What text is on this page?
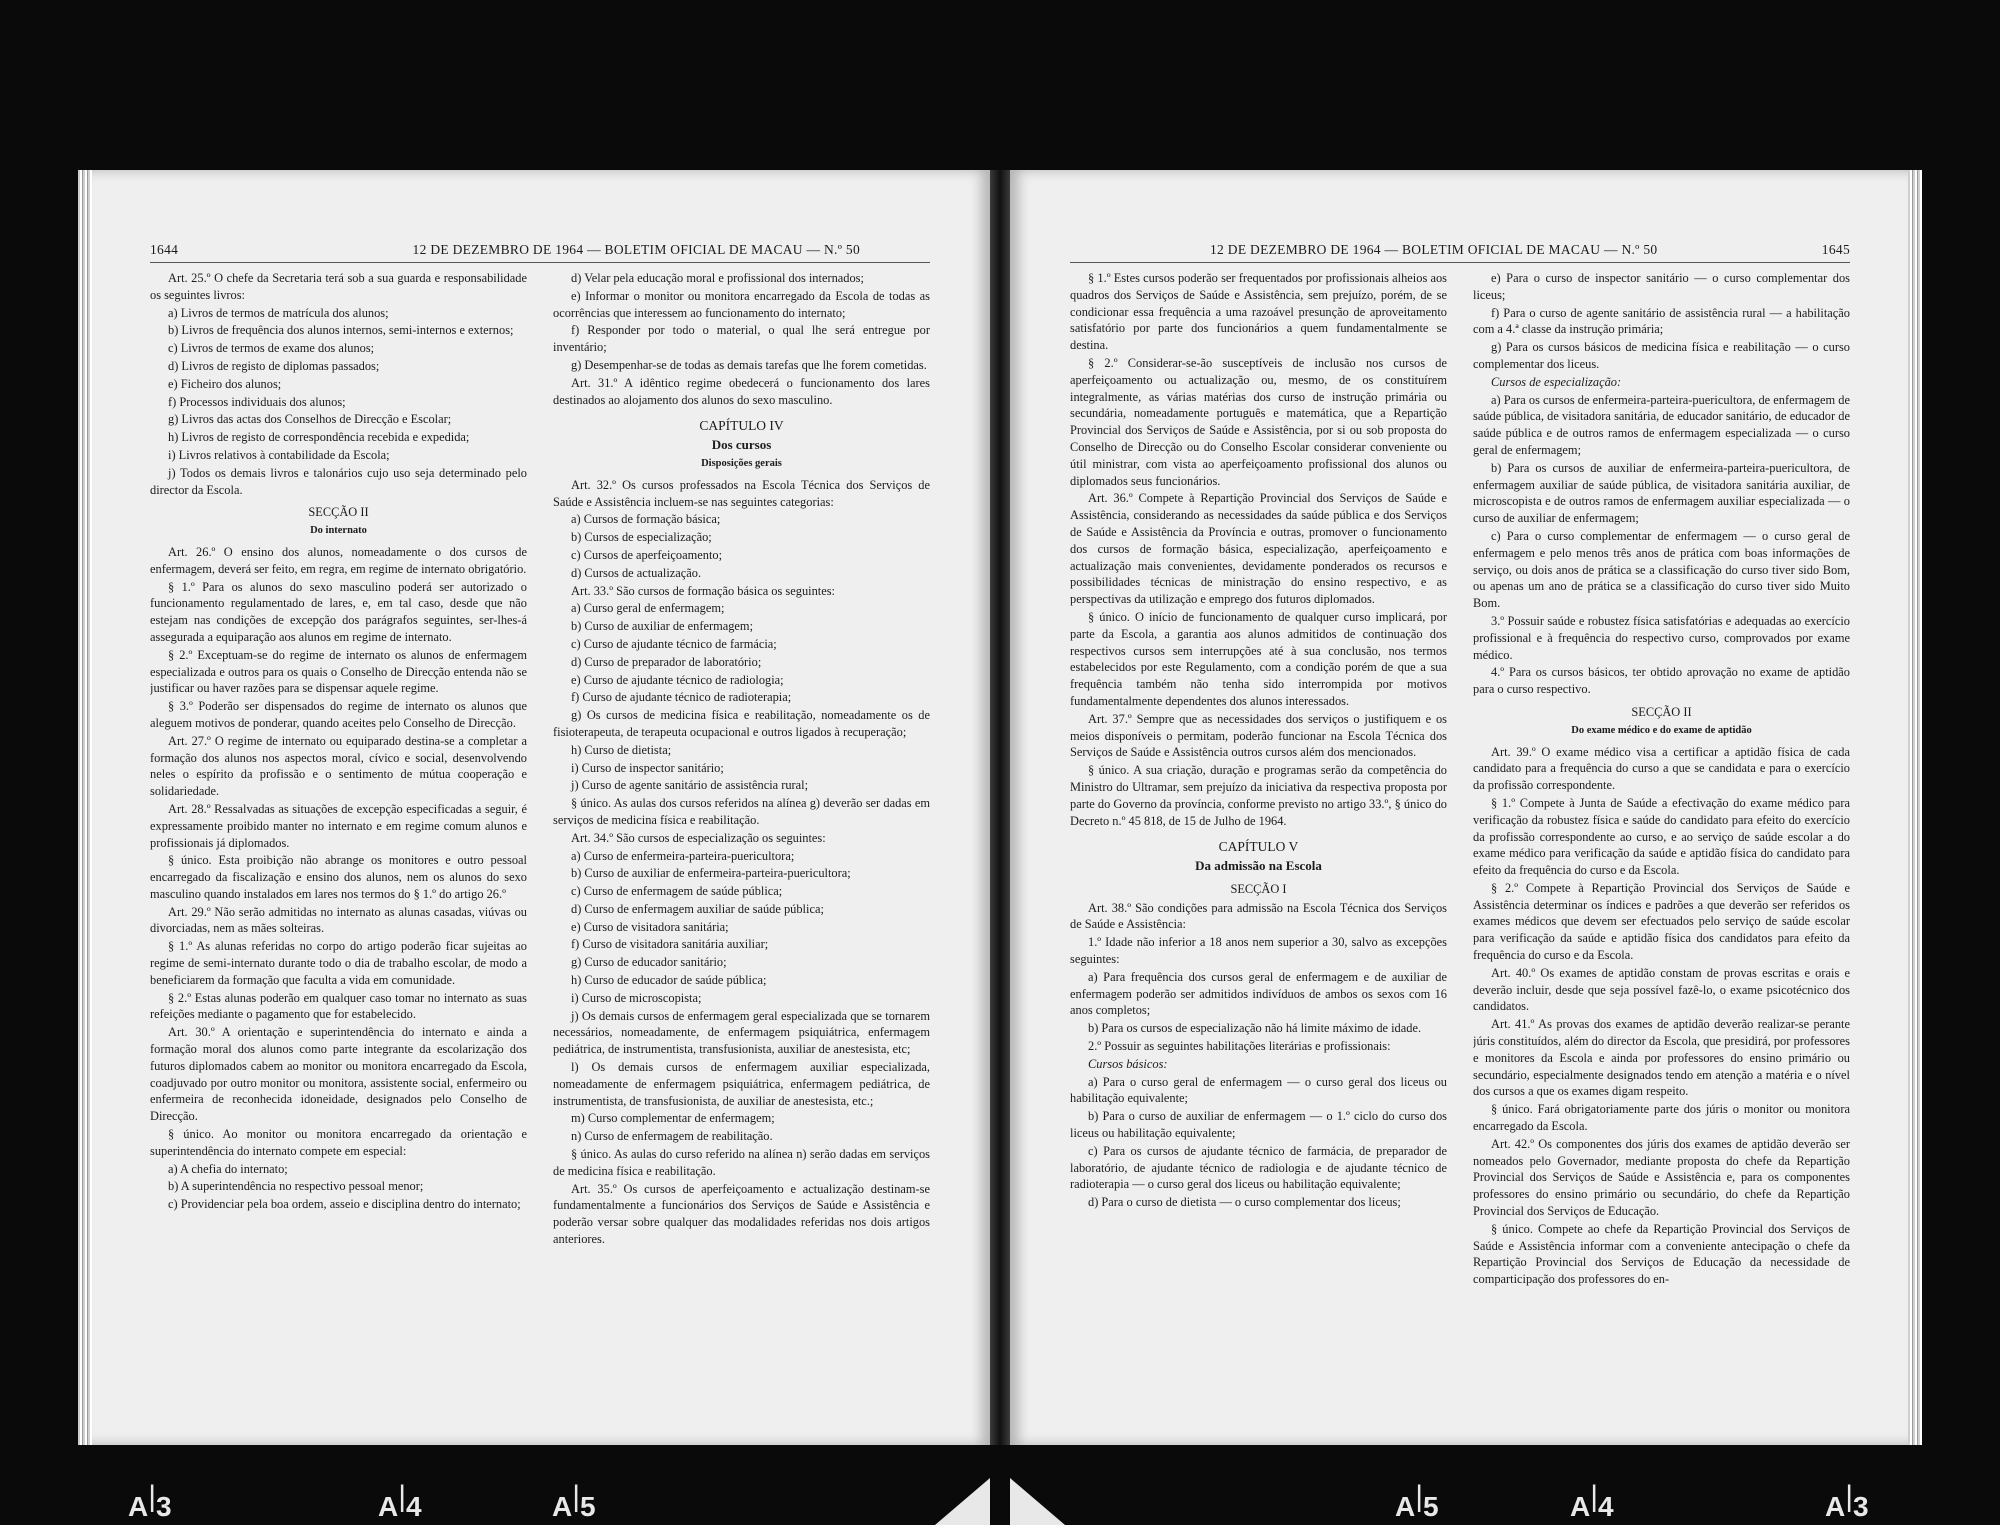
1644	12 DE DEZEMBRO DE 1964 — BOLETIM OFICIAL DE MACAU — N.º 50

Art. 25.º O chefe da Secretaria terá sob a sua guarda e responsabilidade os seguintes livros:

a) Livros de termos de matrícula dos alunos;

b) Livros de frequência dos alunos internos, semi-internos e externos;

c) Livros de termos de exame dos alunos;

d) Livros de registo de diplomas passados;

e) Ficheiro dos alunos;

f) Processos individuais dos alunos;

g) Livros das actas dos Conselhos de Direcção e Escolar;

h) Livros de registo de correspondência recebida e expedida;

i) Livros relativos à contabilidade da Escola;

j) Todos os demais livros e talonários cujo uso seja determinado pelo director da Escola.

SECÇÃO II

Do internato

Art. 26.º O ensino dos alunos, nomeadamente o dos cursos de enfermagem, deverá ser feito, em regra, em regime de internato obrigatório.

§ 1.º Para os alunos do sexo masculino poderá ser autorizado o funcionamento regulamentado de lares, e, em tal caso, desde que não estejam nas condições de excepção dos parágrafos seguintes, ser-lhes-á assegurada a equiparação aos alunos em regime de internato.

§ 2.º Exceptuam-se do regime de internato os alunos de enfermagem especializada e outros para os quais o Conselho de Direcção entenda não se justificar ou haver razões para se dispensar aquele regime.

§ 3.º Poderão ser dispensados do regime de internato os alunos que aleguem motivos de ponderar, quando aceites pelo Conselho de Direcção.

Art. 27.º O regime de internato ou equiparado destina-se a completar a formação dos alunos nos aspectos moral, cívico e social, desenvolvendo neles o espírito da profissão e o sentimento de mútua cooperação e solidariedade.

Art. 28.º Ressalvadas as situações de excepção especificadas a seguir, é expressamente proibido manter no internato e em regime comum alunos e profissionais já diplomados.

§ único. Esta proibição não abrange os monitores e outro pessoal encarregado da fiscalização e ensino dos alunos, nem os alunos do sexo masculino quando instalados em lares nos termos do § 1.º do artigo 26.º

Art. 29.º Não serão admitidas no internato as alunas casadas, viúvas ou divorciadas, nem as mães solteiras.

§ 1.º As alunas referidas no corpo do artigo poderão ficar sujeitas ao regime de semi-internato durante todo o dia de trabalho escolar, de modo a beneficiarem da formação que faculta a vida em comunidade.

§ 2.º Estas alunas poderão em qualquer caso tomar no internato as suas refeições mediante o pagamento que for estabelecido.

Art. 30.º A orientação e superintendência do internato e ainda a formação moral dos alunos como parte integrante da escolarização dos futuros diplomados cabem ao monitor ou monitora encarregado da Escola, coadjuvado por outro monitor ou monitora, assistente social, enfermeiro ou enfermeira de reconhecida idoneidade, designados pelo Conselho de Direcção.

§ único. Ao monitor ou monitora encarregado da orientação e superintendência do internato compete em especial:

a) A chefia do internato;

b) A superintendência no respectivo pessoal menor;

c) Providenciar pela boa ordem, asseio e disciplina dentro do internato;

d) Velar pela educação moral e profissional dos internados;

e) Informar o monitor ou monitora encarregado da Escola de todas as ocorrências que interessem ao funcionamento do internato;

f) Responder por todo o material, o qual lhe será entregue por inventário;

g) Desempenhar-se de todas as demais tarefas que lhe forem cometidas.

Art. 31.º A idêntico regime obedecerá o funcionamento dos lares destinados ao alojamento dos alunos do sexo masculino.

CAPÍTULO IV

Dos cursos

Disposições gerais

Art. 32.º Os cursos professados na Escola Técnica dos Serviços de Saúde e Assistência incluem-se nas seguintes categorias:

a) Cursos de formação básica;

b) Cursos de especialização;

c) Cursos de aperfeiçoamento;

d) Cursos de actualização.

Art. 33.º São cursos de formação básica os seguintes:

a) Curso geral de enfermagem;

b) Curso de auxiliar de enfermagem;

c) Curso de ajudante técnico de farmácia;

d) Curso de preparador de laboratório;

e) Curso de ajudante técnico de radiologia;

f) Curso de ajudante técnico de radioterapia;

g) Os cursos de medicina física e reabilitação, nomeadamente os de fisioterapeuta, de terapeuta ocupacional e outros ligados à recuperação;

h) Curso de dietista;

i) Curso de inspector sanitário;

j) Curso de agente sanitário de assistência rural;

§ único. As aulas dos cursos referidos na alínea g) deverão ser dadas em serviços de medicina física e reabilitação.

Art. 34.º São cursos de especialização os seguintes:

a) Curso de enfermeira-parteira-puericultora;

b) Curso de auxiliar de enfermeira-parteira-puericultora;

c) Curso de enfermagem de saúde pública;

d) Curso de enfermagem auxiliar de saúde pública;

e) Curso de visitadora sanitária;

f) Curso de visitadora sanitária auxiliar;

g) Curso de educador sanitário;

h) Curso de educador de saúde pública;

i) Curso de microscopista;

j) Os demais cursos de enfermagem geral especializada que se tornarem necessários, nomeadamente, de enfermagem psiquiátrica, enfermagem pediátrica, de instrumentista, transfusionista, auxiliar de anestesista, etc;

l) Os demais cursos de enfermagem auxiliar especializada, nomeadamente de enfermagem psiquiátrica, enfermagem pediátrica, de instrumentista, de transfusionista, de auxiliar de anestesista, etc.;

m) Curso complementar de enfermagem;

n) Curso de enfermagem de reabilitação.

§ único. As aulas do curso referido na alínea n) serão dadas em serviços de medicina física e reabilitação.

Art. 35.º Os cursos de aperfeiçoamento e actualização destinam-se fundamentalmente a funcionários dos Serviços de Saúde e Assistência e poderão versar sobre qualquer das modalidades referidas nos dois artigos anteriores.

12 DE DEZEMBRO DE 1964 — BOLETIM OFICIAL DE MACAU — N.º 50	1645

§ 1.º Estes cursos poderão ser frequentados por profissionais alheios aos quadros dos Serviços de Saúde e Assistência, sem prejuízo, porém, de se condicionar essa frequência a uma razoável presunção de aproveitamento satisfatório por parte dos funcionários a quem fundamentalmente se destina.

§ 2.º Considerar-se-ão susceptíveis de inclusão nos cursos de aperfeiçoamento ou actualização ou, mesmo, de os constituírem integralmente, as várias matérias dos curso de instrução primária ou secundária, nomeadamente português e matemática, que a Repartição Provincial dos Serviços de Saúde e Assistência, por si ou sob proposta do Conselho de Direcção ou do Conselho Escolar considerar conveniente ou útil ministrar, com vista ao aperfeiçoamento profissional dos alunos ou diplomados seus funcionários.

Art. 36.º Compete à Repartição Provincial dos Serviços de Saúde e Assistência, considerando as necessidades da saúde pública e dos Serviços de Saúde e Assistência da Província e outras, promover o funcionamento dos cursos de formação básica, especialização, aperfeiçoamento e actualização mais convenientes, devidamente ponderados os recursos e possibilidades técnicas de ministração do ensino respectivo, e as perspectivas da utilização e emprego dos futuros diplomados.

§ único. O início de funcionamento de qualquer curso implicará, por parte da Escola, a garantia aos alunos admitidos de continuação dos respectivos cursos sem interrupções até à sua conclusão, nos termos estabelecidos por este Regulamento, com a condição porém de que a sua frequência também não tenha sido interrompida por motivos fundamentalmente dependentes dos alunos interessados.

Art. 37.º Sempre que as necessidades dos serviços o justifiquem e os meios disponíveis o permitam, poderão funcionar na Escola Técnica dos Serviços de Saúde e Assistência outros cursos além dos mencionados.

§ único. A sua criação, duração e programas serão da competência do Ministro do Ultramar, sem prejuízo da iniciativa da respectiva proposta por parte do Governo da província, conforme previsto no artigo 33.º, § único do Decreto n.º 45 818, de 15 de Julho de 1964.

CAPÍTULO V

Da admissão na Escola

SECÇÃO I

Art. 38.º São condições para admissão na Escola Técnica dos Serviços de Saúde e Assistência:

1.º Idade não inferior a 18 anos nem superior a 30, salvo as excepções seguintes:

a) Para frequência dos cursos geral de enfermagem e de auxiliar de enfermagem poderão ser admitidos indivíduos de ambos os sexos com 16 anos completos;

b) Para os cursos de especialização não há limite máximo de idade.

2.º Possuir as seguintes habilitações literárias e profissionais:

Cursos básicos:

a) Para o curso geral de enfermagem — o curso geral dos liceus ou habilitação equivalente;

b) Para o curso de auxiliar de enfermagem — o 1.º ciclo do curso dos liceus ou habilitação equivalente;

c) Para os cursos de ajudante técnico de farmácia, de preparador de laboratório, de ajudante técnico de radiologia e de ajudante técnico de radioterapia — o curso geral dos liceus ou habilitação equivalente;

d) Para o curso de dietista — o curso complementar dos liceus;

e) Para o curso de inspector sanitário — o curso complementar dos liceus;

f) Para o curso de agente sanitário de assistência rural — a habilitação com a 4.ª classe da instrução primária;

g) Para os cursos básicos de medicina física e reabilitação — o curso complementar dos liceus.

Cursos de especialização:

a) Para os cursos de enfermeira-parteira-puericultora, de enfermagem de saúde pública, de visitadora sanitária, de educador sanitário, de educador de saúde pública e de outros ramos de enfermagem especializada — o curso geral de enfermagem;

b) Para os cursos de auxiliar de enfermeira-parteira-puericultora, de enfermagem auxiliar de saúde pública, de visitadora sanitária auxiliar, de microscopista e de outros ramos de enfermagem auxiliar especializada — o curso de auxiliar de enfermagem;

c) Para o curso complementar de enfermagem — o curso geral de enfermagem e pelo menos três anos de prática com boas informações de serviço, ou dois anos de prática se a classificação do curso tiver sido Bom, ou apenas um ano de prática se a classificação do curso tiver sido Muito Bom.

3.º Possuir saúde e robustez física satisfatórias e adequadas ao exercício profissional e à frequência do respectivo curso, comprovados por exame médico.

4.º Para os cursos básicos, ter obtido aprovação no exame de aptidão para o curso respectivo.

SECÇÃO II

Do exame médico e do exame de aptidão

Art. 39.º O exame médico visa a certificar a aptidão física de cada candidato para a frequência do curso a que se candidata e para o exercício da profissão correspondente.

§ 1.º Compete à Junta de Saúde a efectivação do exame médico para verificação da robustez física e saúde do candidato para efeito do exercício da profissão correspondente ao curso, e ao serviço de saúde escolar a do exame médico para verificação da saúde e aptidão física do candidato para efeito da frequência do curso e da Escola.

§ 2.º Compete à Repartição Provincial dos Serviços de Saúde e Assistência determinar os índices e padrões a que deverão ser referidos os exames médicos que devem ser efectuados pelo serviço de saúde escolar para verificação da saúde e aptidão física dos candidatos para efeito da frequência do curso e da Escola.

Art. 40.º Os exames de aptidão constam de provas escritas e orais e deverão incluir, desde que seja possível fazê-lo, o exame psicotécnico dos candidatos.

Art. 41.º As provas dos exames de aptidão deverão realizar-se perante júris constituídos, além do director da Escola, que presidirá, por professores e monitores da Escola e ainda por professores do ensino primário ou secundário, especialmente designados tendo em atenção a matéria e o nível dos cursos a que os exames digam respeito.

§ único. Fará obrigatoriamente parte dos júris o monitor ou monitora encarregado da Escola.

Art. 42.º Os componentes dos júris dos exames de aptidão deverão ser nomeados pelo Governador, mediante proposta do chefe da Repartição Provincial dos Serviços de Saúde e Assistência e, para os componentes professores do ensino primário ou secundário, do chefe da Repartição Provincial dos Serviços de Educação.

§ único. Compete ao chefe da Repartição Provincial dos Serviços de Saúde e Assistência informar com a conveniente antecipação o chefe da Repartição Provincial dos Serviços de Educação da necessidade de comparticipação dos professores do en-

A|3	A|4	A|5	A|5	A|4	A|3
